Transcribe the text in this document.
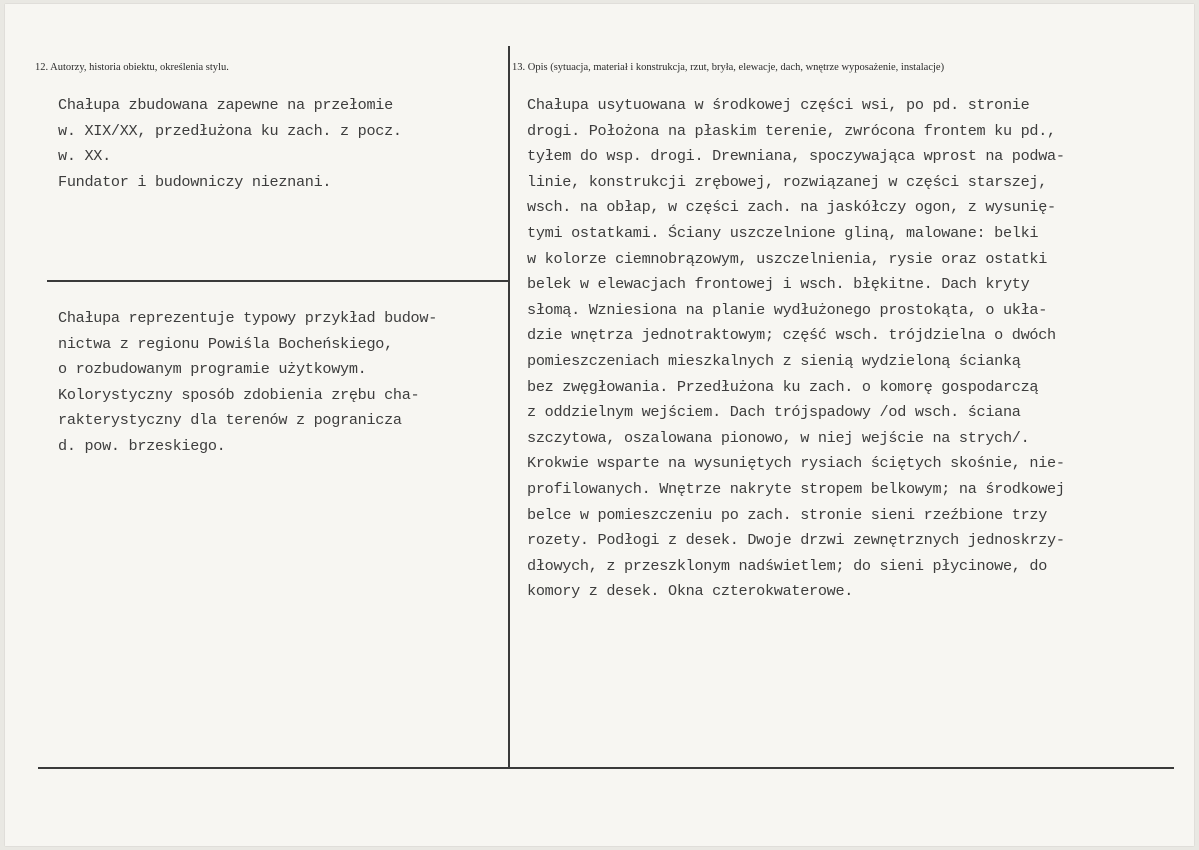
12. Autorzy, historia obiektu, określenia stylu.	13. Opis (sytuacja, materiał i konstrukcja, rzut, bryła, elewacje, dach, wnętrze wyposażenie, instalacje)
Chałupa zbudowana zapewne na przełomie
w. XIX/XX, przedłużona ku zach. z pocz.
w. XX.
Fundator i budowniczy nieznani.
Chałupa reprezentuje typowy przykład budow-
nictwa z regionu Powiśla Bocheńskiego,
o rozbudowanym programie użytkowym.
Kolorystyczny sposób zdobienia zrębu cha-
rakterystyczny dla terenów z pogranicza
d. pow. brzeskiego.
Chałupa usytuowana w środkowej części wsi, po pd. stronie
drogi. Położona na płaskim terenie, zwrócona frontem ku pd.,
tyłem do wsp. drogi. Drewniana, spoczywająca wprost na podwa-
linie, konstrukcji zrębowej, rozwiązanej w części starszej,
wsch. na obłap, w części zach. na jaskółczy ogon, z wysunię-
tymi ostatkami. Ściany uszczelnione gliną, malowane: belki
w kolorze ciemnobrązowym, uszczelnienia, rysie oraz ostatki
belek w elewacjach frontowej i wsch. błękitne. Dach kryty
słomą. Wzniesiona na planie wydłużonego prostokąta, o ukła-
dzie wnętrza jednotraktowym; część wsch. trójdzielna o dwóch
pomieszczeniach mieszkalnych z sienią wydzieloną ścianką
bez zwęgłowania. Przedłużona ku zach. o komorę gospodarczą
z oddzielnym wejściem. Dach trójspadowy /od wsch. ściana
szczytowa, oszalowana pionowo, w niej wejście na strych/.
Krokwie wsparte na wysuniętych rysiach ściętych skośnie, nie-
profilowanych. Wnętrze nakryte stropem belkowym; na środkowej
belce w pomieszczeniu po zach. stronie sieni rzeźbione trzy
rozety. Podłogi z desek. Dwoje drzwi zewnętrznych jednoskrzy-
dłowych, z przeszklonym nadświetlem; do sieni płycinowe, do
komory z desek. Okna czterokwaterowe.
